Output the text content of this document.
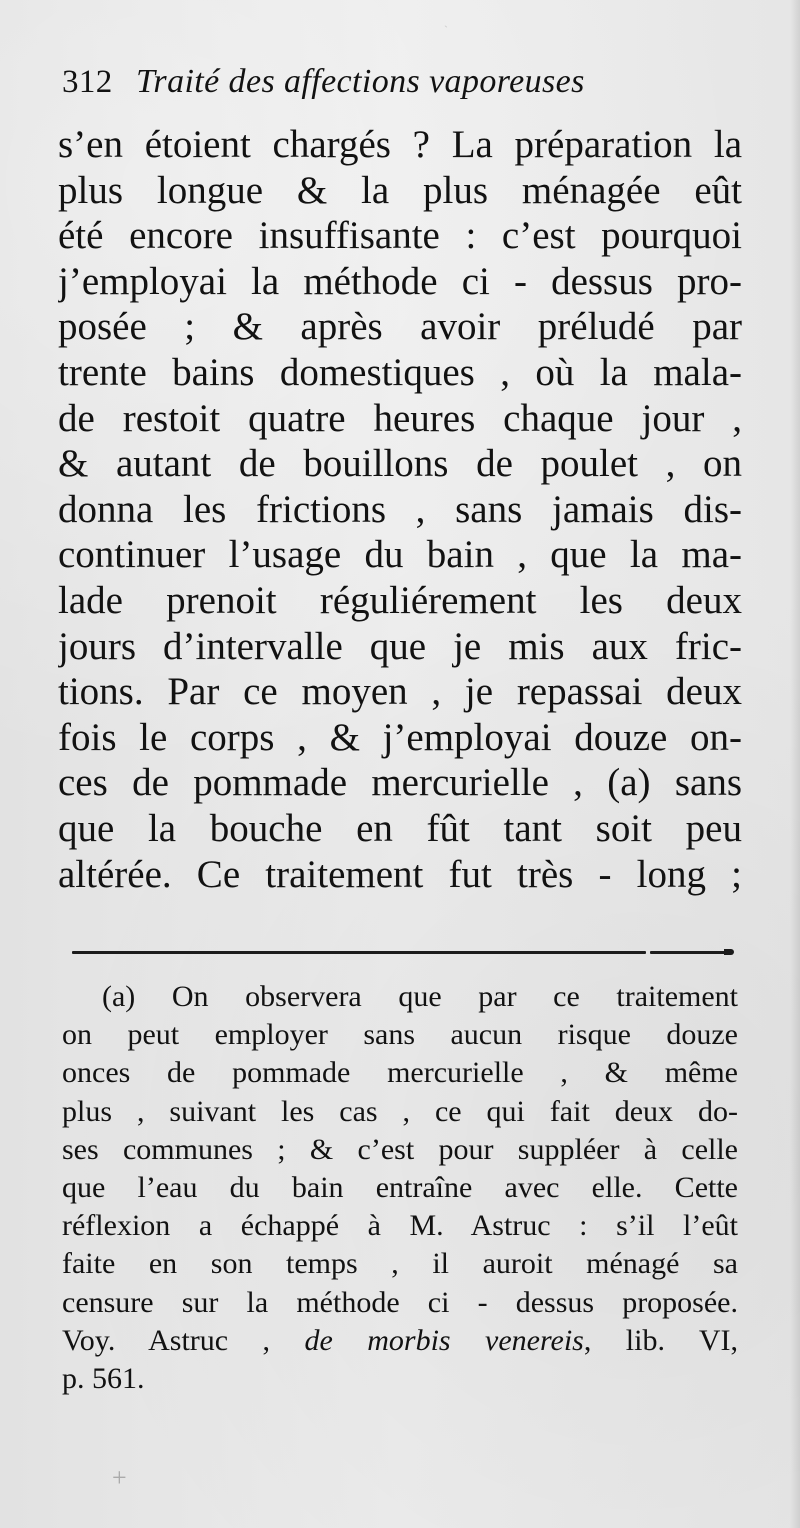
`
312 Traité des affections vaporeuses
s’en étoient chargés ? La préparation la
plus longue & la plus ménagée eût
été encore insuffisante : c’est pourquoi
j’employai la méthode ci - dessus pro-
posée ; & après avoir préludé par
trente bains domestiques , où la mala-
de restoit quatre heures chaque jour ,
& autant de bouillons de poulet , on
donna les frictions , sans jamais dis-
continuer l’usage du bain , que la ma-
lade prenoit réguliérement les deux
jours d’intervalle que je mis aux fric-
tions. Par ce moyen , je repassai deux
fois le corps , & j’employai douze on-
ces de pommade mercurielle , (a) sans
que la bouche en fût tant soit peu
altérée. Ce traitement fut très - long ;
(a) On observera que par ce traitement
on peut employer sans aucun risque douze
onces de pommade mercurielle , & même
plus , suivant les cas , ce qui fait deux do-
ses communes ; & c’est pour suppléer à celle
que l’eau du bain entraîne avec elle. Cette
réflexion a échappé à M. Astruc : s’il l’eût
faite en son temps , il auroit ménagé sa
censure sur la méthode ci - dessus proposée.
Voy. Astruc , de morbis venereis, lib. VI,
p. 561.
+
